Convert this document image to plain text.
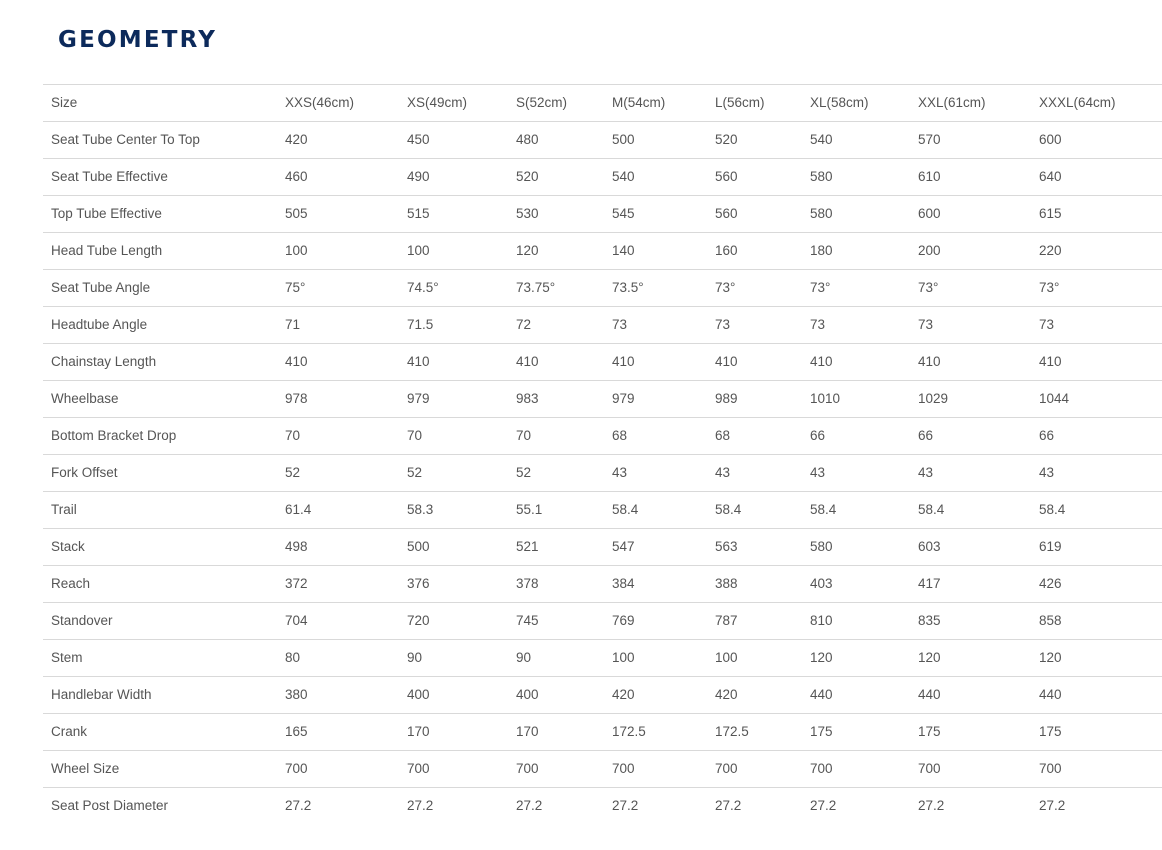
GEOMETRY
Size	XXS(46cm)	XS(49cm)	S(52cm)	M(54cm)	L(56cm)	XL(58cm)	XXL(61cm)	XXXL(64cm)
Seat Tube Center To Top	420	450	480	500	520	540	570	600
Seat Tube Effective	460	490	520	540	560	580	610	640
Top Tube Effective	505	515	530	545	560	580	600	615
Head Tube Length	100	100	120	140	160	180	200	220
Seat Tube Angle	75°	74.5°	73.75°	73.5°	73°	73°	73°	73°
Headtube Angle	71	71.5	72	73	73	73	73	73
Chainstay Length	410	410	410	410	410	410	410	410
Wheelbase	978	979	983	979	989	1010	1029	1044
Bottom Bracket Drop	70	70	70	68	68	66	66	66
Fork Offset	52	52	52	43	43	43	43	43
Trail	61.4	58.3	55.1	58.4	58.4	58.4	58.4	58.4
Stack	498	500	521	547	563	580	603	619
Reach	372	376	378	384	388	403	417	426
Standover	704	720	745	769	787	810	835	858
Stem	80	90	90	100	100	120	120	120
Handlebar Width	380	400	400	420	420	440	440	440
Crank	165	170	170	172.5	172.5	175	175	175
Wheel Size	700	700	700	700	700	700	700	700
Seat Post Diameter	27.2	27.2	27.2	27.2	27.2	27.2	27.2	27.2
